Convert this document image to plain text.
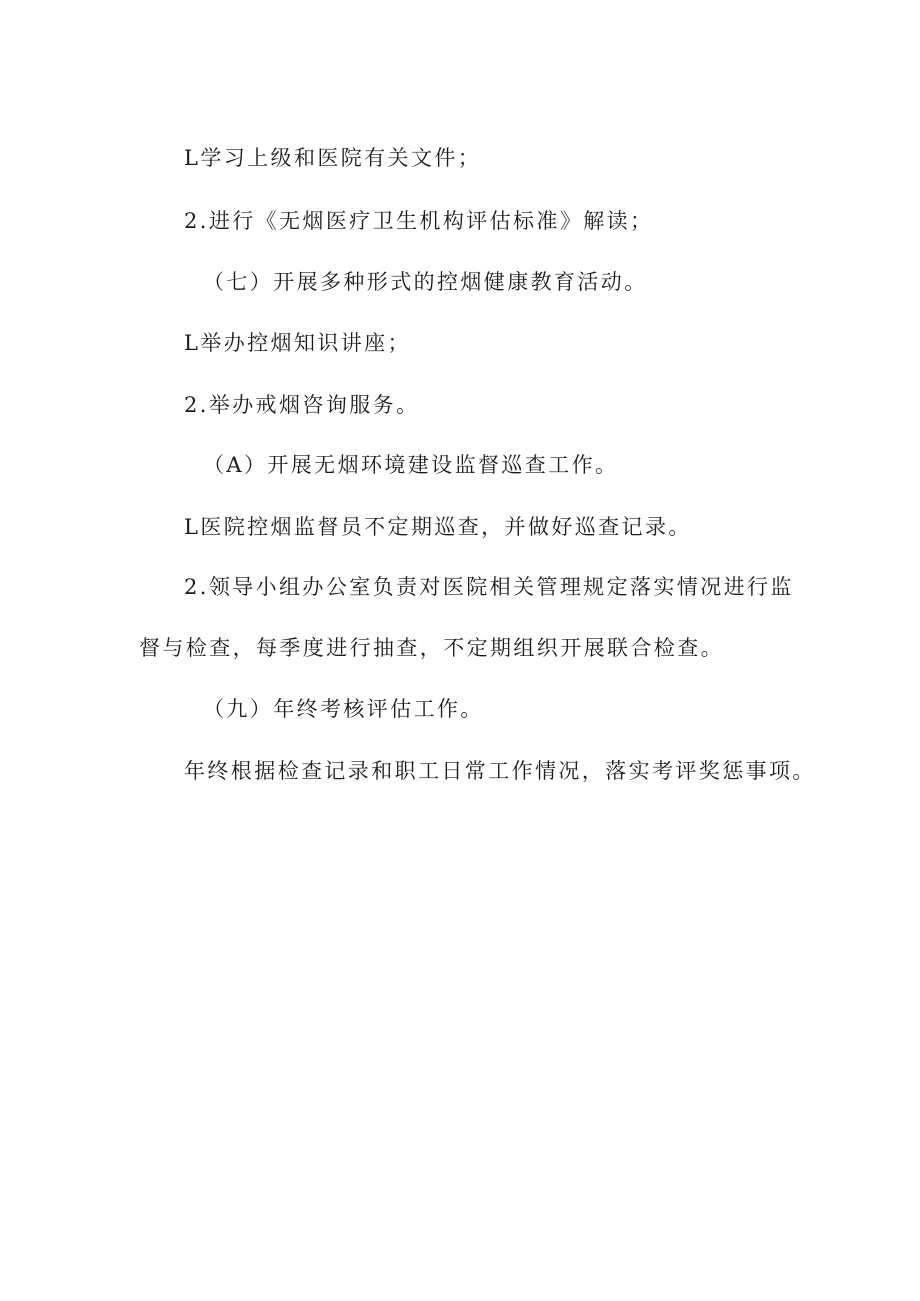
L学习上级和医院有关文件；
2.进行《无烟医疗卫生机构评估标准》解读；
（七）开展多种形式的控烟健康教育活动。
L举办控烟知识讲座；
2.举办戒烟咨询服务。
（A）开展无烟环境建设监督巡查工作。
L医院控烟监督员不定期巡查，并做好巡查记录。
2.领导小组办公室负责对医院相关管理规定落实情况进行监
督与检查，每季度进行抽查，不定期组织开展联合检查。
（九）年终考核评估工作。
年终根据检查记录和职工日常工作情况，落实考评奖惩事项。
